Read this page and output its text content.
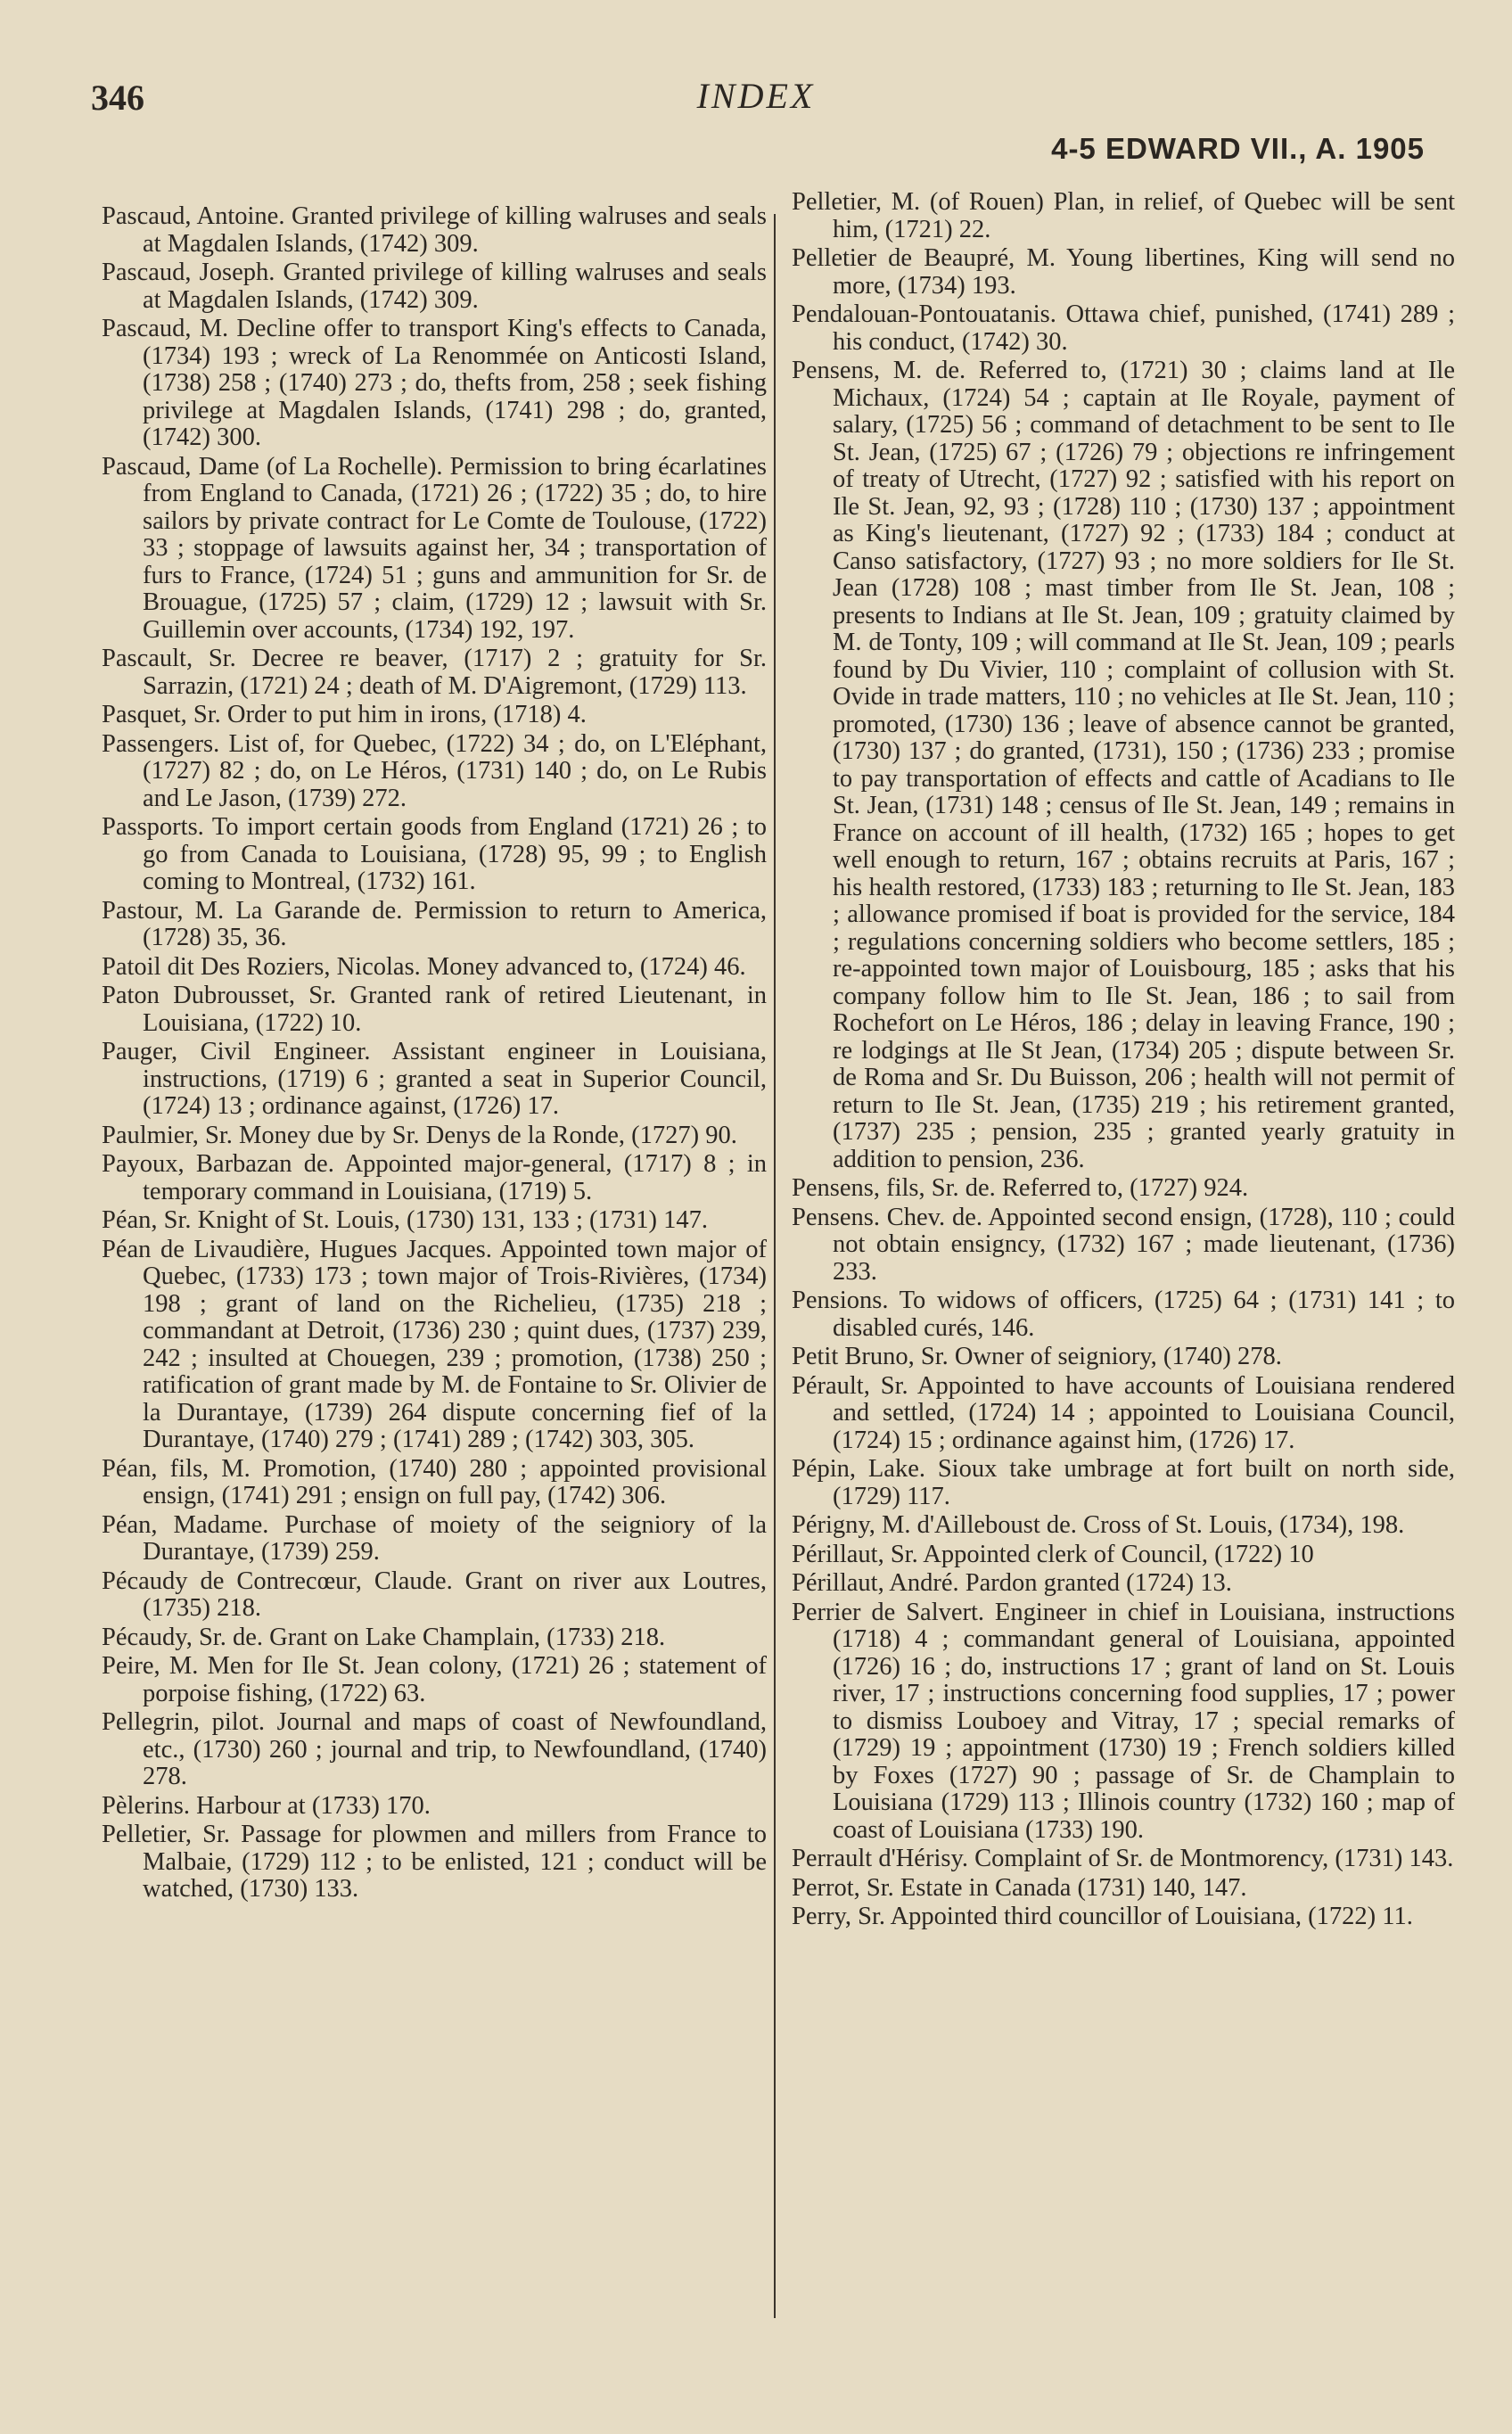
346	INDEX
4-5 EDWARD VII., A. 1905
Pascaud, Antoine. Granted privilege of killing walruses and seals at Magdalen Islands, (1742) 309.
Pascaud, Joseph. Granted privilege of killing walruses and seals at Magdalen Islands, (1742) 309.
Pascaud, M. Decline offer to transport King's effects to Canada, (1734) 193 ; wreck of La Renommée on Anticosti Island, (1738) 258 ; (1740) 273 ; do, thefts from, 258 ; seek fishing privilege at Magdalen Islands, (1741) 298 ; do, granted, (1742) 300.
Pascaud, Dame (of La Rochelle). Permission to bring écarlatines from England to Canada, (1721) 26 ; (1722) 35 ; do, to hire sailors by private contract for Le Comte de Toulouse, (1722) 33 ; stoppage of lawsuits against her, 34 ; transportation of furs to France, (1724) 51 ; guns and ammunition for Sr. de Brouague, (1725) 57 ; claim, (1729) 12 ; lawsuit with Sr. Guillemin over accounts, (1734) 192, 197.
Pascault, Sr. Decree re beaver, (1717) 2 ; gratuity for Sr. Sarrazin, (1721) 24 ; death of M. D'Aigremont, (1729) 113.
Pasquet, Sr. Order to put him in irons, (1718) 4.
Passengers. List of, for Quebec, (1722) 34 ; do, on L'Eléphant, (1727) 82 ; do, on Le Héros, (1731) 140 ; do, on Le Rubis and Le Jason, (1739) 272.
Passports. To import certain goods from England (1721) 26 ; to go from Canada to Louisiana, (1728) 95, 99 ; to English coming to Montreal, (1732) 161.
Pastour, M. La Garande de. Permission to return to America, (1728) 35, 36.
Patoil dit Des Roziers, Nicolas. Money advanced to, (1724) 46.
Paton Dubrousset, Sr. Granted rank of retired Lieutenant, in Louisiana, (1722) 10.
Pauger, Civil Engineer. Assistant engineer in Louisiana, instructions, (1719) 6 ; granted a seat in Superior Council, (1724) 13 ; ordinance against, (1726) 17.
Paulmier, Sr. Money due by Sr. Denys de la Ronde, (1727) 90.
Payoux, Barbazan de. Appointed major-general, (1717) 8 ; in temporary command in Louisiana, (1719) 5.
Péan, Sr. Knight of St. Louis, (1730) 131, 133 ; (1731) 147.
Péan de Livaudière, Hugues Jacques. Appointed town major of Quebec, (1733) 173 ; town major of Trois-Rivières, (1734) 198 ; grant of land on the Richelieu, (1735) 218 ; commandant at Detroit, (1736) 230 ; quint dues, (1737) 239, 242 ; insulted at Chouegen, 239 ; promotion, (1738) 250 ; ratification of grant made by M. de Fontaine to Sr. Olivier de la Durantaye, (1739) 264 dispute concerning fief of la Durantaye, (1740) 279 ; (1741) 289 ; (1742) 303, 305.
Péan, fils, M. Promotion, (1740) 280 ; appointed provisional ensign, (1741) 291 ; ensign on full pay, (1742) 306.
Péan, Madame. Purchase of moiety of the seigniory of la Durantaye, (1739) 259.
Pécaudy de Contrecœur, Claude. Grant on river aux Loutres, (1735) 218.
Pécaudy, Sr. de. Grant on Lake Champlain, (1733) 218.
Peire, M. Men for Ile St. Jean colony, (1721) 26 ; statement of porpoise fishing, (1722) 63.
Pellegrin, pilot. Journal and maps of coast of Newfoundland, etc., (1730) 260 ; journal and trip, to Newfoundland, (1740) 278.
Pèlerins. Harbour at (1733) 170.
Pelletier, Sr. Passage for plowmen and millers from France to Malbaie, (1729) 112 ; to be enlisted, 121 ; conduct will be watched, (1730) 133.
Pelletier, M. (of Rouen) Plan, in relief, of Quebec will be sent him, (1721) 22.
Pelletier de Beaupré, M. Young libertines, King will send no more, (1734) 193.
Pendalouan-Pontouatanis. Ottawa chief, punished, (1741) 289 ; his conduct, (1742) 30.
Pensens, M. de. Referred to, (1721) 30 ; claims land at Ile Michaux, (1724) 54 ; captain at Ile Royale, payment of salary, (1725) 56 ; command of detachment to be sent to Ile St. Jean, (1725) 67 ; (1726) 79 ; objections re infringement of treaty of Utrecht, (1727) 92 ; satisfied with his report on Ile St. Jean, 92, 93 ; (1728) 110 ; (1730) 137 ; appointment as King's lieutenant, (1727) 92 ; (1733) 184 ; conduct at Canso satisfactory, (1727) 93 ; no more soldiers for Ile St. Jean (1728) 108 ; mast timber from Ile St. Jean, 108 ; presents to Indians at Ile St. Jean, 109 ; gratuity claimed by M. de Tonty, 109 ; will command at Ile St. Jean, 109 ; pearls found by Du Vivier, 110 ; complaint of collusion with St. Ovide in trade matters, 110 ; no vehicles at Ile St. Jean, 110 ; promoted, (1730) 136 ; leave of absence cannot be granted, (1730) 137 ; do granted, (1731), 150 ; (1736) 233 ; promise to pay transportation of effects and cattle of Acadians to Ile St. Jean, (1731) 148 ; census of Ile St. Jean, 149 ; remains in France on account of ill health, (1732) 165 ; hopes to get well enough to return, 167 ; obtains recruits at Paris, 167 ; his health restored, (1733) 183 ; returning to Ile St. Jean, 183 ; allowance promised if boat is provided for the service, 184 ; regulations concerning soldiers who become settlers, 185 ; re-appointed town major of Louisbourg, 185 ; asks that his company follow him to Ile St. Jean, 186 ; to sail from Rochefort on Le Héros, 186 ; delay in leaving France, 190 ; re lodgings at Ile St Jean, (1734) 205 ; dispute between Sr. de Roma and Sr. Du Buisson, 206 ; health will not permit of return to Ile St. Jean, (1735) 219 ; his retirement granted, (1737) 235 ; pension, 235 ; granted yearly gratuity in addition to pension, 236.
Pensens, fils, Sr. de. Referred to, (1727) 924.
Pensens. Chev. de. Appointed second ensign, (1728), 110 ; could not obtain ensigncy, (1732) 167 ; made lieutenant, (1736) 233.
Pensions. To widows of officers, (1725) 64 ; (1731) 141 ; to disabled curés, 146.
Petit Bruno, Sr. Owner of seigniory, (1740) 278.
Pérault, Sr. Appointed to have accounts of Louisiana rendered and settled, (1724) 14 ; appointed to Louisiana Council, (1724) 15 ; ordinance against him, (1726) 17.
Pépin, Lake. Sioux take umbrage at fort built on north side, (1729) 117.
Périgny, M. d'Ailleboust de. Cross of St. Louis, (1734), 198.
Périllaut, Sr. Appointed clerk of Council, (1722) 10
Périllaut, André. Pardon granted (1724) 13.
Perrier de Salvert. Engineer in chief in Louisiana, instructions (1718) 4 ; commandant general of Louisiana, appointed (1726) 16 ; do, instructions 17 ; grant of land on St. Louis river, 17 ; instructions concerning food supplies, 17 ; power to dismiss Louboey and Vitray, 17 ; special remarks of (1729) 19 ; appointment (1730) 19 ; French soldiers killed by Foxes (1727) 90 ; passage of Sr. de Champlain to Louisiana (1729) 113 ; Illinois country (1732) 160 ; map of coast of Louisiana (1733) 190.
Perrault d'Hérisy. Complaint of Sr. de Montmorency, (1731) 143.
Perrot, Sr. Estate in Canada (1731) 140, 147.
Perry, Sr. Appointed third councillor of Louisiana, (1722) 11.
